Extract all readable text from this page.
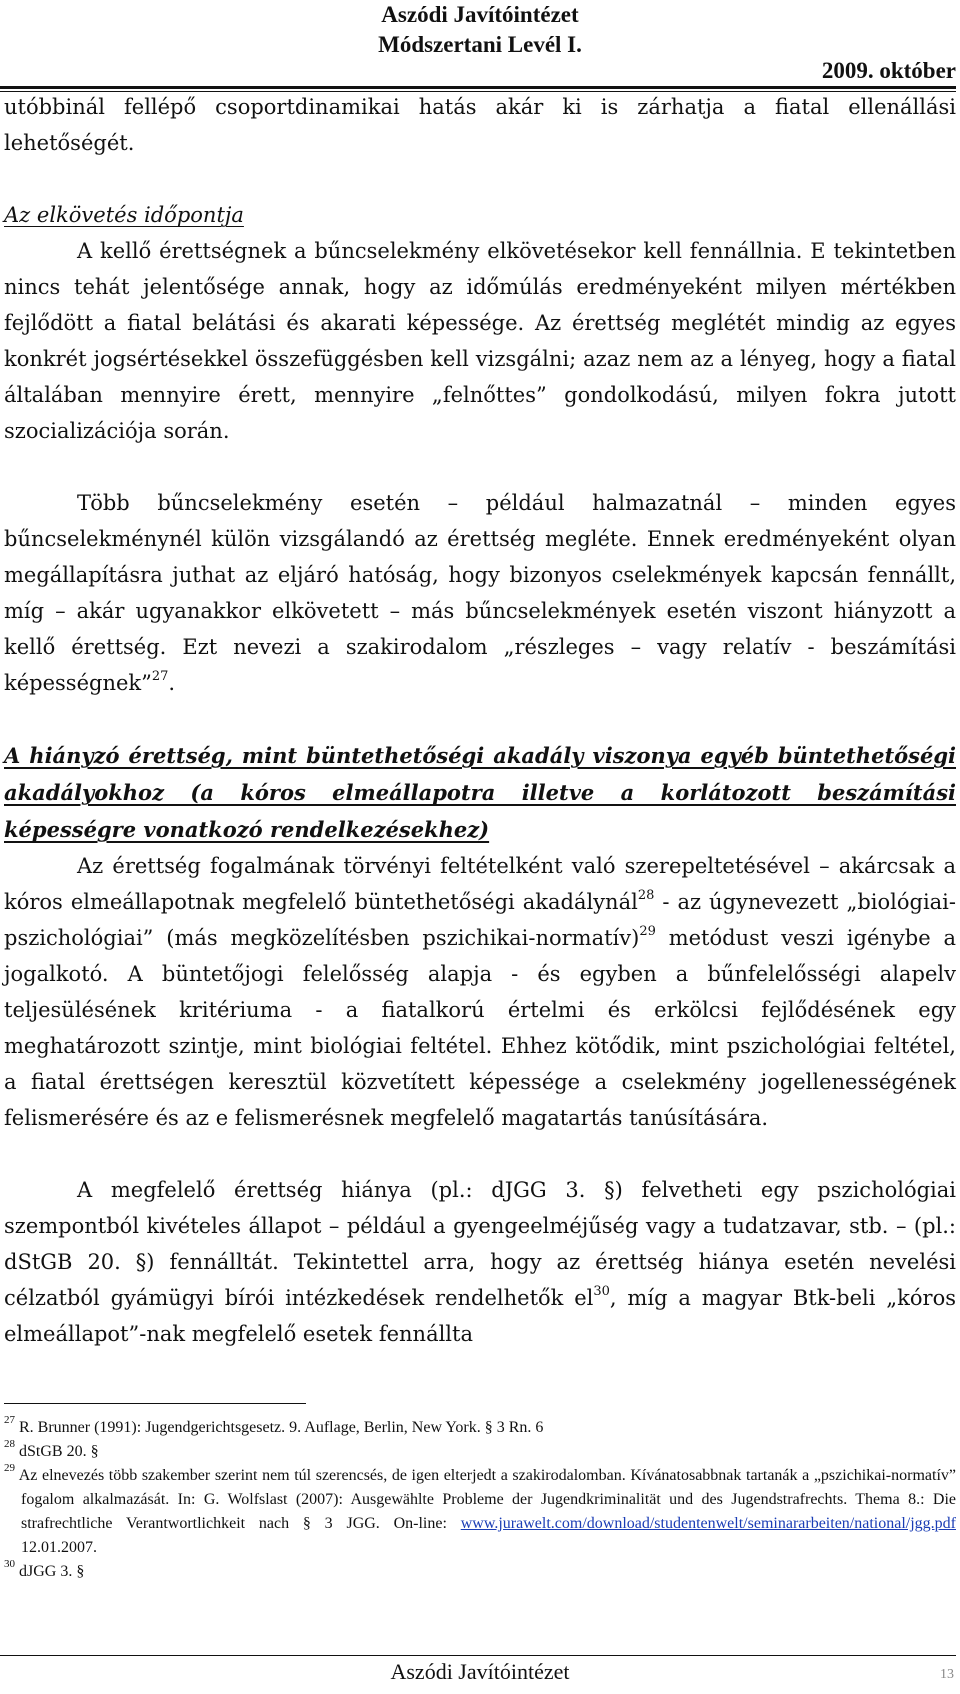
Aszódi Javítóintézet
Módszertani Levél I.
2009. október

utóbbinál fellépő csoportdinamikai hatás akár ki is zárhatja a fiatal ellenállási lehetőségét.

Az elkövetés időpontja

A kellő érettségnek a bűncselekmény elkövetésekor kell fennállnia. E tekintetben nincs tehát jelentősége annak, hogy az időmúlás eredményeként milyen mértékben fejlődött a fiatal belátási és akarati képessége. Az érettség meglétét mindig az egyes konkrét jogsértésekkel összefüggésben kell vizsgálni; azaz nem az a lényeg, hogy a fiatal általában mennyire érett, mennyire „felnőttes” gondolkodású, milyen fokra jutott szocializációja során.

Több bűncselekmény esetén – például halmazatnál – minden egyes bűncselekménynél külön vizsgálandó az érettség megléte. Ennek eredményeként olyan megállapításra juthat az eljáró hatóság, hogy bizonyos cselekmények kapcsán fennállt, míg – akár ugyanakkor elkövetett – más bűncselekmények esetén viszont hiányzott a kellő érettség. Ezt nevezi a szakirodalom „részleges – vagy relatív - beszámítási képességnek”$^{27}$.

A hiányzó érettség, mint büntethetőségi akadály viszonya egyéb büntethetőségi akadályokhoz (a kóros elmeállapotra illetve a korlátozott beszámítási képességre vonatkozó rendelkezésekhez)

Az érettség fogalmának törvényi feltételként való szerepeltetésével – akárcsak a kóros elmeállapotnak megfelelő büntethetőségi akadálynál$^{28}$ - az úgynevezett „biológiai-pszichológiai” (más megközelítésben pszichikai-normatív)$^{29}$ metódust veszi igénybe a jogalkotó. A büntetőjogi felelősség alapja - és egyben a bűnfelelősségi alapelv teljesülésének kritériuma - a fiatalkorú értelmi és erkölcsi fejlődésének egy meghatározott szintje, mint biológiai feltétel. Ehhez kötődik, mint pszichológiai feltétel, a fiatal érettségen keresztül közvetített képessége a cselekmény jogellenességének felismerésére és az e felismerésnek megfelelő magatartás tanúsítására.

A megfelelő érettség hiánya (pl.: dJGG 3. §) felvetheti egy pszichológiai szempontból kivételes állapot – például a gyengeelméjűség vagy a tudatzavar, stb. – (pl.: dStGB 20. §) fennálltát. Tekintettel arra, hogy az érettség hiánya esetén nevelési célzatból gyámügyi bírói intézkedések rendelhetők $el^{30}$, míg a magyar Btk-beli „kóros elmeállapot”-nak megfelelő esetek fennállta

$^{27}$ R. Brunner (1991): Jugendgerichtsgesetz. 9. Auflage, Berlin, New York. § 3 Rn. 6
$^{28}$ dStGB 20. §
$^{29}$ Az elnevezés több szakember szerint nem túl szerencsés, de igen elterjedt a szakirodalomban. Kívánatosabbnak tartanák a „pszichikai-normatív” fogalom alkalmazását. In: G. Wolfslast (2007): Ausgewählte Probleme der Jugendkriminalität und des Jugendstrafrechts. Thema 8.: Die strafrechtliche Verantwortlichkeit nach § 3 JGG. On-line: www.jurawelt.com/download/studentenwelt/seminararbeiten/national/jgg.pdf 12.01.2007.
$^{30}$ dJGG 3. §
Aszódi Javítóintézet	13
